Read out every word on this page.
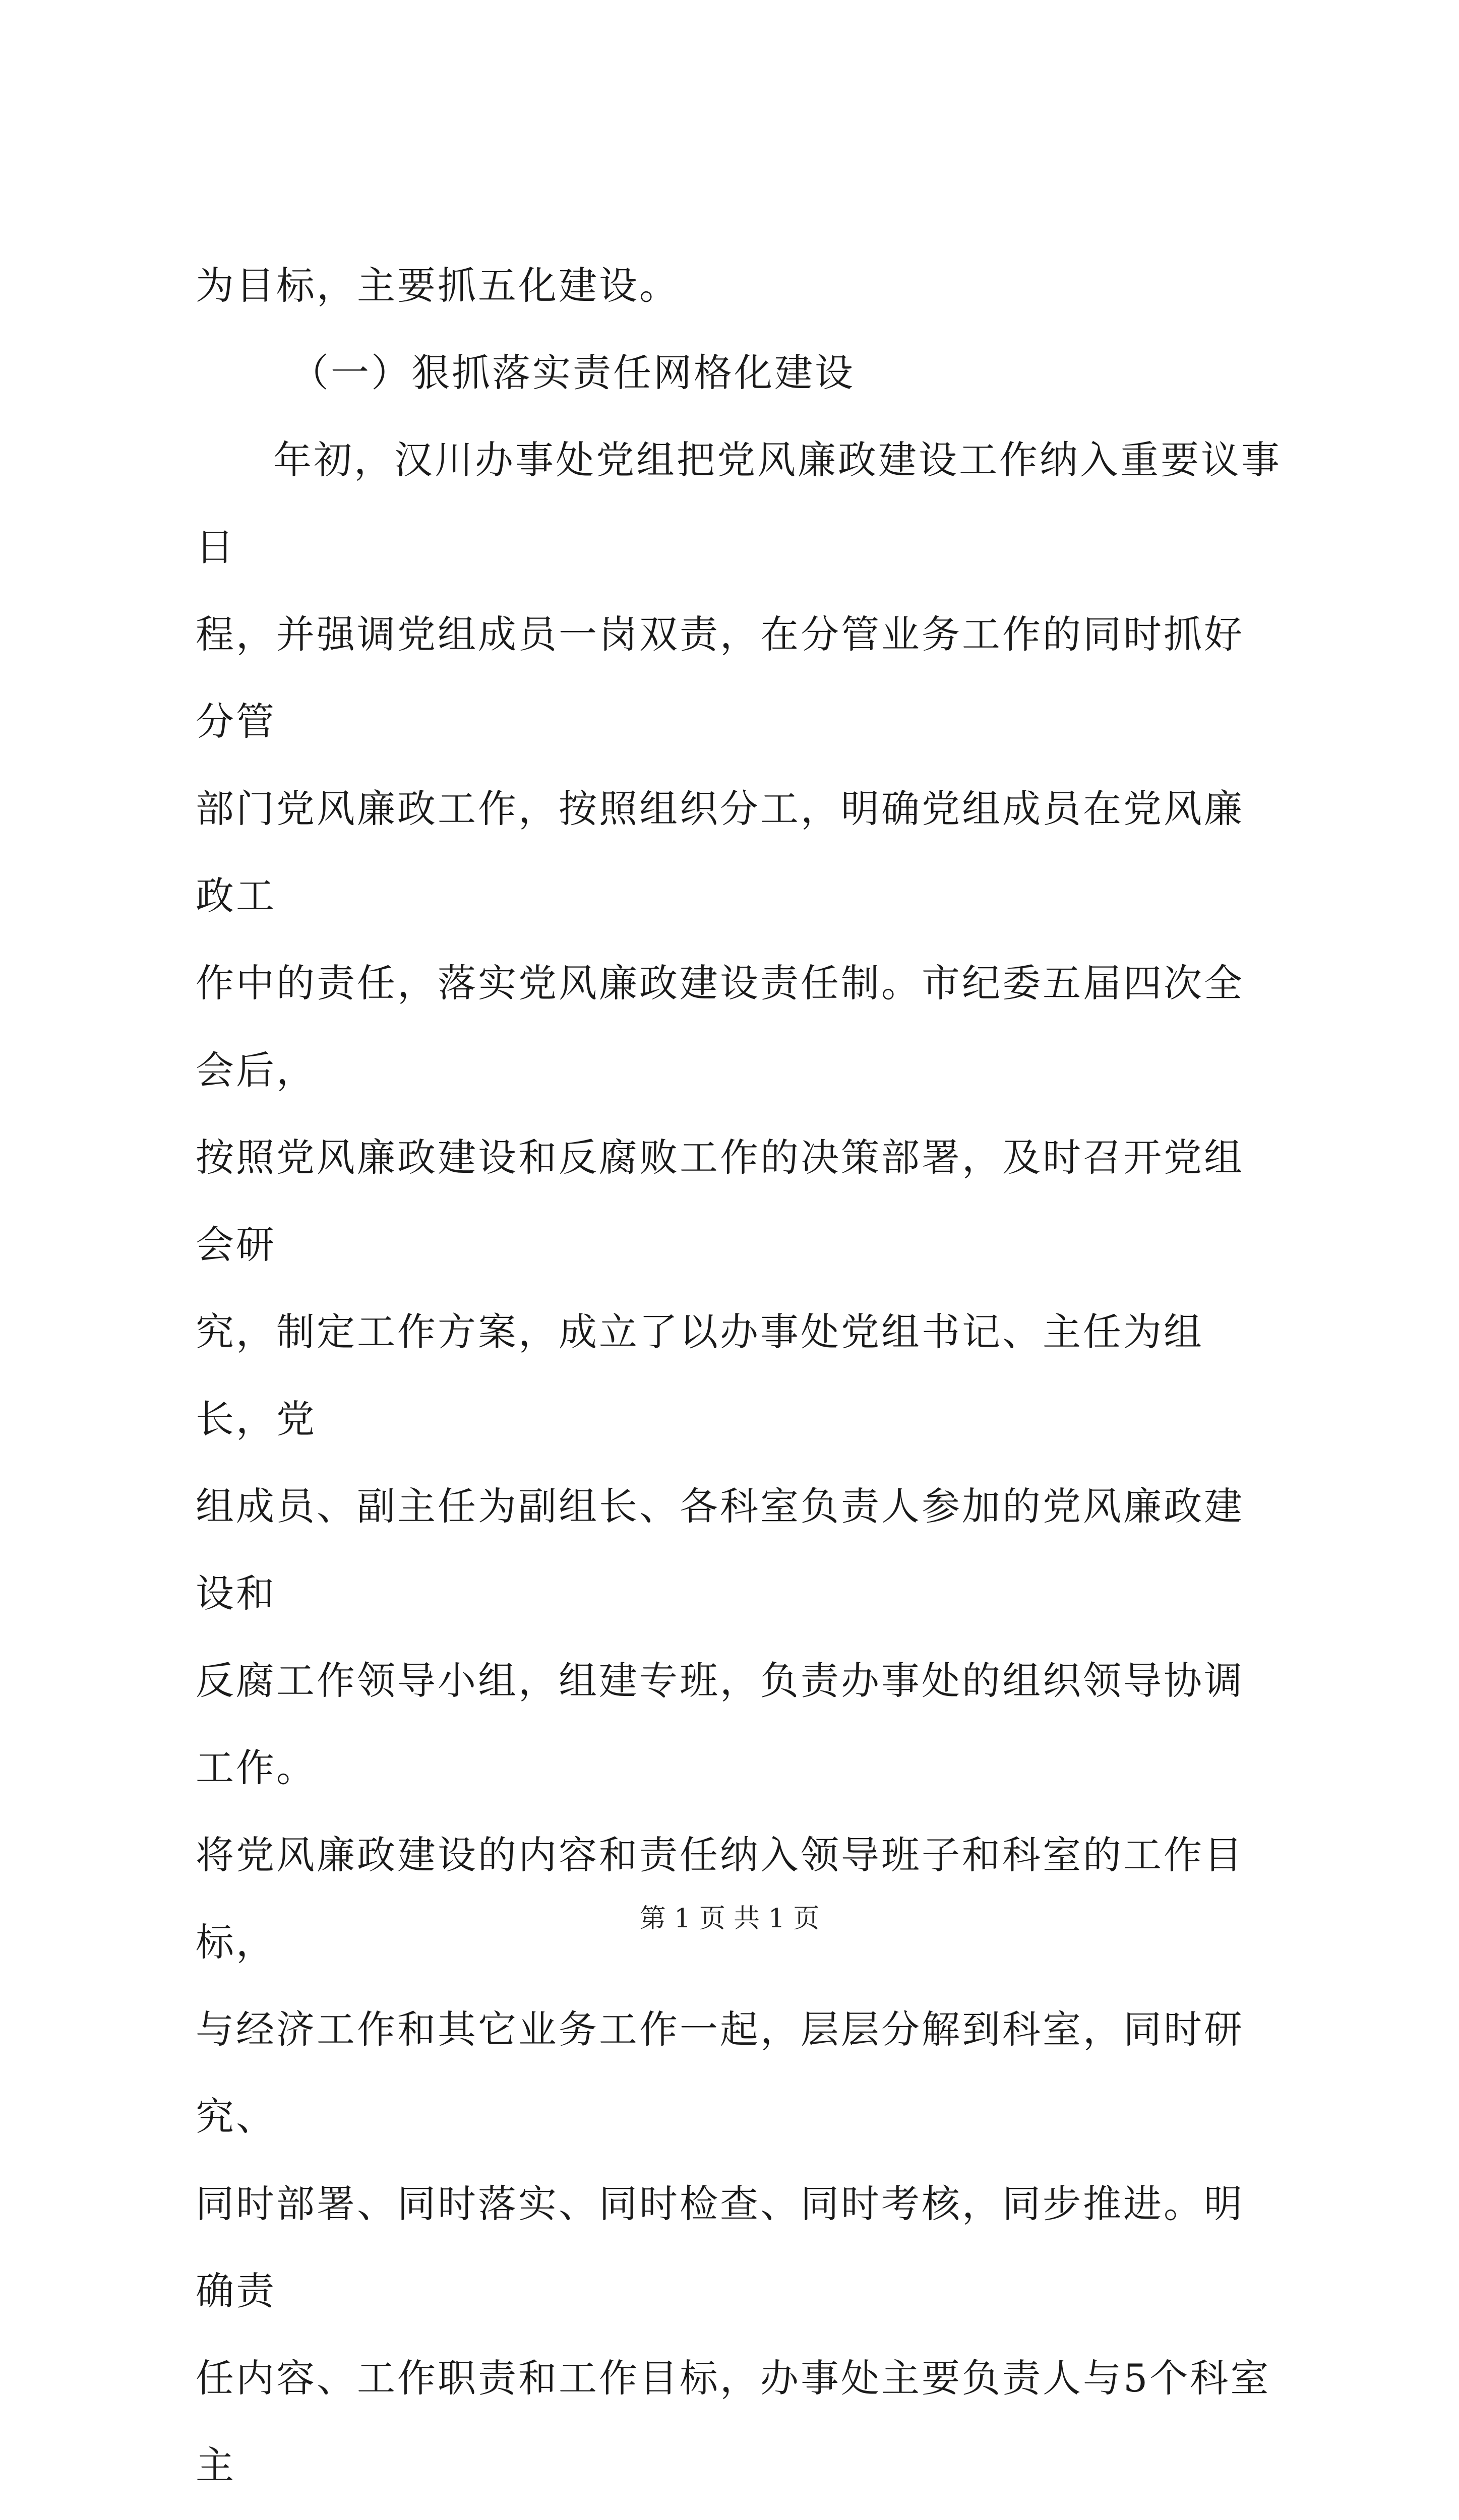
为目标，主要抓五化建设。

（一）狠抓落实责任网格化建设

年初，汉川办事处党组把党风廉政建设工作纳入重要议事日

程，并强调党组成员一岗双责，在分管业务工作的同时抓好分管

部门党风廉政工作，按照组织分工，明确党组成员在党风廉政工

作中的责任，落实党风廉政建设责任制。市纪委五届四次全会后，

按照党风廉政建设和反腐败工作的决策部署，及时召开党组会研

究，制定工作方案，成立了以办事处党组书记、主任为组长，党

组成员、副主任为副组长、各科室负责人参加的党风廉政建设和

反腐工作领导小组，组建专班，负责办事处的组织领导协调工作。

将党风廉政建设的内容和责任纳入领导班子和科室的工作目标，

与经济工作和其它业务工作一起，层层分解到科室，同时研究、

同时部署、同时落实、同时检查、同时考核，同步推进。明确责

任内容、工作职责和工作目标，办事处主要负责人与5个科室主

第 1 页 共 1 页
